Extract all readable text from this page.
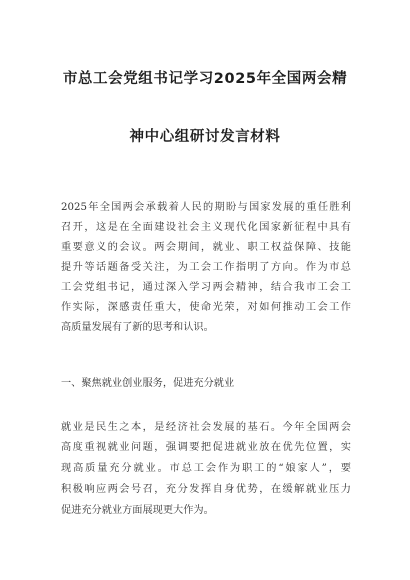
市总工会党组书记学习2025年全国两会精
神中心组研讨发言材料
2025年全国两会承载着人民的期盼与国家发展的重任胜利
召开，这是在全面建设社会主义现代化国家新征程中具有
重要意义的会议。两会期间，就业、职工权益保障、技能
提升等话题备受关注，为工会工作指明了方向。作为市总
工会党组书记，通过深入学习两会精神，结合我市工会工
作实际，深感责任重大，使命光荣，对如何推动工会工作
高质量发展有了新的思考和认识。
一、聚焦就业创业服务，促进充分就业
就业是民生之本，是经济社会发展的基石。今年全国两会
高度重视就业问题，强调要把促进就业放在优先位置，实
现高质量充分就业。市总工会作为职工的“娘家人”，要
积极响应两会号召，充分发挥自身优势，在缓解就业压力
促进充分就业方面展现更大作为。
